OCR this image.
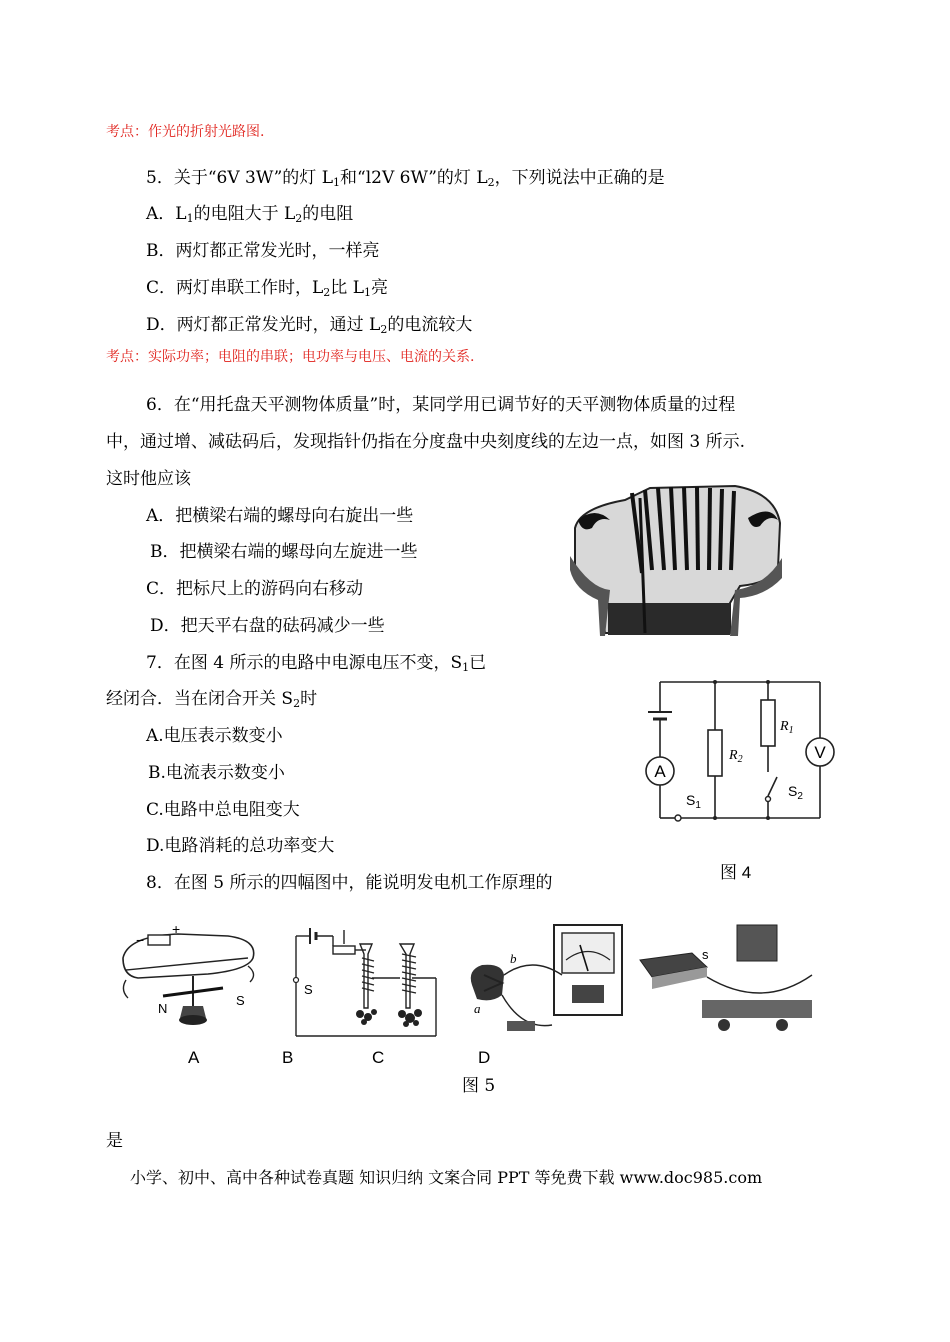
考点：作光的折射光路图.
5．关于“6V 3W”的灯 $L_1$和“l2V 6W”的灯 $L_2$，下列说法中正确的是
A．$L_1$的电阻大于 $L_2$的电阻
B．两灯都正常发光时，一样亮
C．两灯串联工作时，$L_2$比 $L_1$亮
D．两灯都正常发光时，通过 $L_2$的电流较大
考点：实际功率；电阻的串联；电功率与电压、电流的关系.
6．在“用托盘天平测物体质量”时，某同学用已调节好的天平测物体质量的过程
中，通过增、减砝码后，发现指针仍指在分度盘中央刻度线的左边一点，如图 3 所示.
这时他应该
A．把横梁右端的螺母向右旋出一些
B．把横梁右端的螺母向左旋进一些
C．把标尺上的游码向右移动
D．把天平右盘的砝码减少一些
7．在图 4 所示的电路中电源电压不变，$S_1$已
经闭合．当在闭合开关 $S_2$时
A.电压表示数变小
B.电流表示数变小
C.电路中总电阻变大
D.电路消耗的总功率变大
A
V
$R_2$
$R_1$
$S_1$
$S_2$
图 4
8．在图 5 所示的四幅图中，能说明发电机工作原理的
−
+
N
S
S
a
b	s
A	B	C	D
图 5
是
小学、初中、高中各种试卷真题 知识归纳 文案合同 PPT 等免费下载 www.doc985.com
